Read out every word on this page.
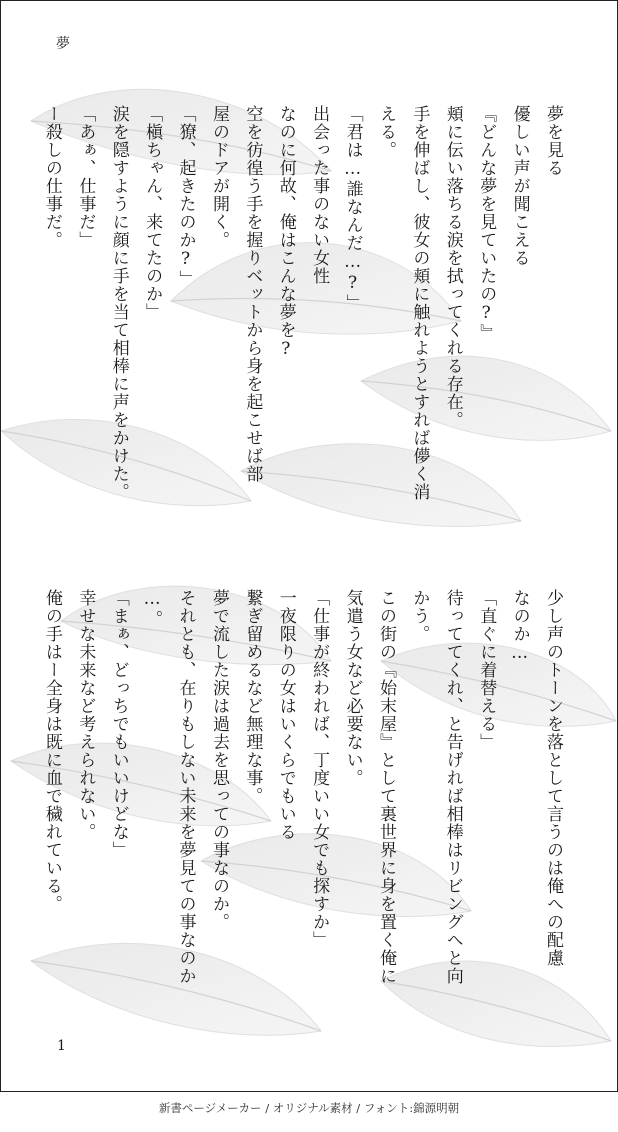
夢
夢を見る
優しい声が聞こえる
『どんな夢を見ていたの?』
頬に伝い落ちる涙を拭ってくれる存在。
手を伸ばし、彼女の頬に触れようとすれば儚く消
える。
「君は…誰なんだ…?」
出会った事のない女性
なのに何故、俺はこんな夢を?
空を彷徨う手を握りベットから身を起こせば部
屋のドアが開く。
「獠、起きたのか?」
「槇ちゃん、来てたのか」
涙を隠すように顔に手を当て相棒に声をかけた。
「あぁ、仕事だ」
ー殺しの仕事だ。
少し声のトーンを落として言うのは俺への配慮
なのか…
「直ぐに着替える」
待っててくれ、と告げれば相棒はリビングへと向
かう。
この街の『始末屋』として裏世界に身を置く俺に
気遣う女など必要ない。
「仕事が終われば、丁度いい女でも探すか」
一夜限りの女はいくらでもいる
繋ぎ留めるなど無理な事。
夢で流した涙は過去を思っての事なのか。
それとも、在りもしない未来を夢見ての事なのか
…。
「まぁ、どっちでもいいけどな」
幸せな未来など考えられない。
俺の手はー全身は既に血で穢れている。
1
新書ページメーカー / オリジナル素材 / フォント:錦源明朝
